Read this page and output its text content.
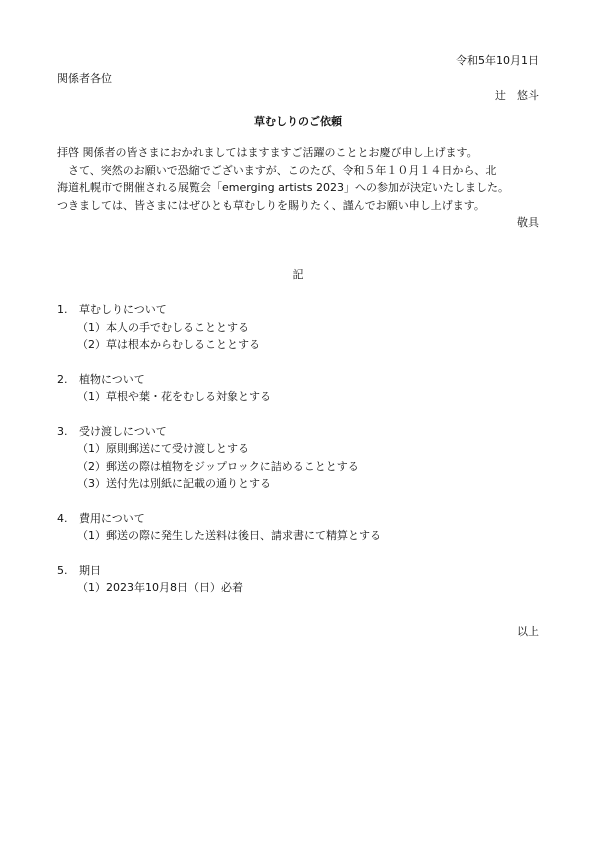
令和5年10月1日

関係者各位

辻　悠斗

草むしりのご依頼

拝啓 関係者の皆さまにおかれましてはますますご活躍のこととお慶び申し上げます。

　さて、突然のお願いで恐縮でございますが、このたび、令和５年１０月１４日から、北

海道札幌市で開催される展覧会「emerging artists 2023」への参加が決定いたしました。

つきましては、皆さまにはぜひとも草むしりを賜りたく、謹んでお願い申し上げます。

敬具

記

1. 草むしりについて

（1）本人の手でむしることとする

（2）草は根本からむしることとする

2. 植物について

（1）草根や葉・花をむしる対象とする

3. 受け渡しについて

（1）原則郵送にて受け渡しとする

（2）郵送の際は植物をジップロックに詰めることとする

（3）送付先は別紙に記載の通りとする

4. 費用について

（1）郵送の際に発生した送料は後日、請求書にて精算とする

5. 期日

（1）2023年10月8日（日）必着

以上
